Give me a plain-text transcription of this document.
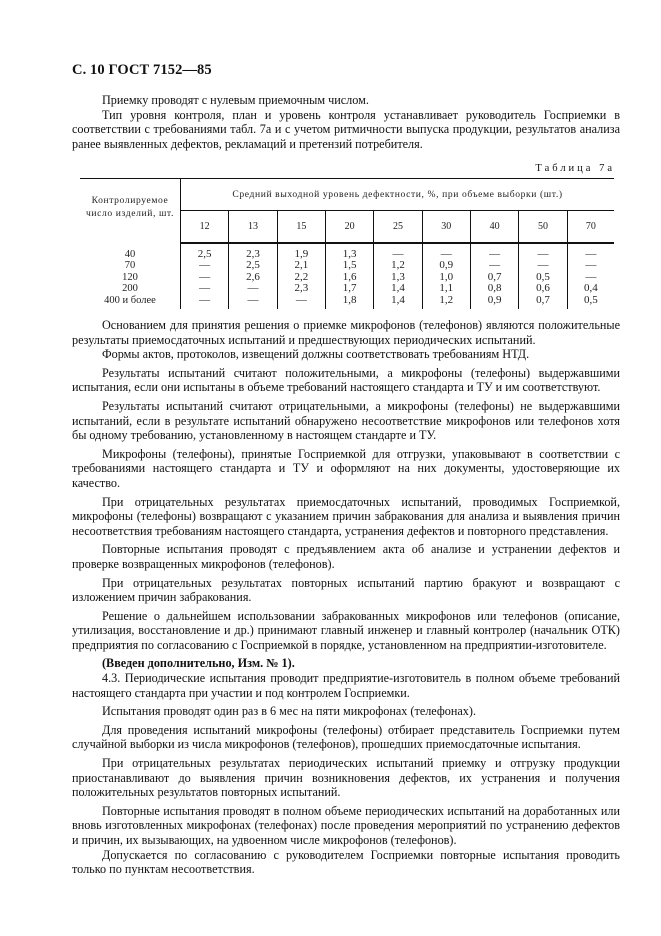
С. 10 ГОСТ 7152—85

Приемку проводят с нулевым приемочным числом.

Тип уровня контроля, план и уровень контроля устанавливает руководитель Госприемки в соответствии с требованиями табл. 7а и с учетом ритмичности выпуска продукции, результатов анализа ранее выявленных дефектов, рекламаций и претензий потребителя.

Таблица 7а
Контролируемое число изделий, шт.	Средний выходной уровень дефектности, %, при объеме выборки (шт.)								
	12	13	15	20	25	30	40	50	70
40	2,5	2,3	1,9	1,3	—	—	—	—	—
70	—	2,5	2,1	1,5	1,2	0,9	—	—	—
120	—	2,6	2,2	1,6	1,3	1,0	0,7	0,5	—
200	—	—	2,3	1,7	1,4	1,1	0,8	0,6	0,4
400 и более	—	—	—	1,8	1,4	1,2	0,9	0,7	0,5

Основанием для принятия решения о приемке микрофонов (телефонов) являются положительные результаты приемосдаточных испытаний и предшествующих периодических испытаний.

Формы актов, протоколов, извещений должны соответствовать требованиям НТД.

Результаты испытаний считают положительными, а микрофоны (телефоны) выдержавшими испытания, если они испытаны в объеме требований настоящего стандарта и ТУ и им соответствуют.

Результаты испытаний считают отрицательными, а микрофоны (телефоны) не выдержавшими испытаний, если в результате испытаний обнаружено несоответствие микрофонов или телефонов хотя бы одному требованию, установленному в настоящем стандарте и ТУ.

Микрофоны (телефоны), принятые Госприемкой для отгрузки, упаковывают в соответствии с требованиями настоящего стандарта и ТУ и оформляют на них документы, удостоверяющие их качество.

При отрицательных результатах приемосдаточных испытаний, проводимых Госприемкой, микрофоны (телефоны) возвращают с указанием причин забракования для анализа и выявления причин несоответствия требованиям настоящего стандарта, устранения дефектов и повторного представления.

Повторные испытания проводят с предъявлением акта об анализе и устранении дефектов и проверке возвращенных микрофонов (телефонов).

При отрицательных результатах повторных испытаний партию бракуют и возвращают с изложением причин забракования.

Решение о дальнейшем использовании забракованных микрофонов или телефонов (описание, утилизация, восстановление и др.) принимают главный инженер и главный контролер (начальник ОТК) предприятия по согласованию с Госприемкой в порядке, установленном на предприятии-изготовителе.

(Введен дополнительно, Изм. № 1).

4.3. Периодические испытания проводит предприятие-изготовитель в полном объеме требований настоящего стандарта при участии и под контролем Госприемки.

Испытания проводят один раз в 6 мес на пяти микрофонах (телефонах).

Для проведения испытаний микрофоны (телефоны) отбирает представитель Госприемки путем случайной выборки из числа микрофонов (телефонов), прошедших приемосдаточные испытания.

При отрицательных результатах периодических испытаний приемку и отгрузку продукции приостанавливают до выявления причин возникновения дефектов, их устранения и получения положительных результатов повторных испытаний.

Повторные испытания проводят в полном объеме периодических испытаний на доработанных или вновь изготовленных микрофонах (телефонах) после проведения мероприятий по устранению дефектов и причин, их вызывающих, на удвоенном числе микрофонов (телефонов).

Допускается по согласованию с руководителем Госприемки повторные испытания проводить только по пунктам несоответствия.
